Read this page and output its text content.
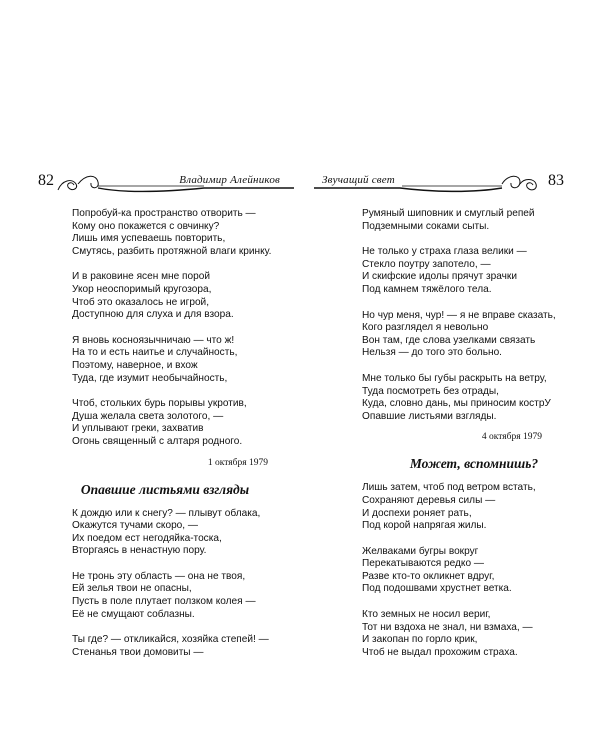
82	Владимир Алейников
Попробуй-ка пространство отворить —
Кому оно покажется с овчинку?
Лишь имя успеваешь повторить,
Смутясь, разбить протяжной влаги кринку.
И в раковине ясен мне порой
Укор неоспоримый кругозора,
Чтоб это оказалось не игрой,
Доступною для слуха и для взора.
Я вновь косноязычничаю — что ж!
На то и есть наитье и случайность,
Поэтому, наверное, и вхож
Туда, где изумит необычайность,
Чтоб, стольких бурь порывы укротив,
Душа желала света золотого, —
И уплывают греки, захватив
Огонь священный с алтаря родного.
1 октября 1979
Опавшие листьями взгляды
К дождю или к снегу? — плывут облака,
Окажутся тучами скоро, —
Их поедом ест негодяйка-тоска,
Вторгаясь в ненастную пору.
Не тронь эту область — она не твоя,
Ей зелья твои не опасны,
Пусть в поле плутает ползком колея —
Её не смущают соблазны.
Ты где? — откликайся, хозяйка степей! —
Стенанья твои домовиты —
Звучащий свет	83
Румяный шиповник и смуглый репей
Подземными соками сыты.
Не только у страха глаза велики —
Стекло поутру запотело, —
И скифские идолы прячут зрачки
Под камнем тяжёлого тела.
Но чур меня, чур! — я не вправе сказать,
Кого разглядел я невольно
Вон там, где слова узелками связать
Нельзя — до того это больно.
Мне только бы губы раскрыть на ветру,
Туда посмотреть без отрады,
Куда, словно дань, мы приносим кострУ
Опавшие листьями взгляды.
4 октября 1979
Может, вспомнишь?
Лишь затем, чтоб под ветром встать,
Сохраняют деревья силы —
И доспехи роняет рать,
Под корой напрягая жилы.
Желваками бугры вокруг
Перекатываются редко —
Разве кто-то окликнет вдруг,
Под подошвами хрустнет ветка.
Кто земных не носил вериг,
Тот ни вздоха не знал, ни взмаха, —
И закопан по горло крик,
Чтоб не выдал прохожим страха.
